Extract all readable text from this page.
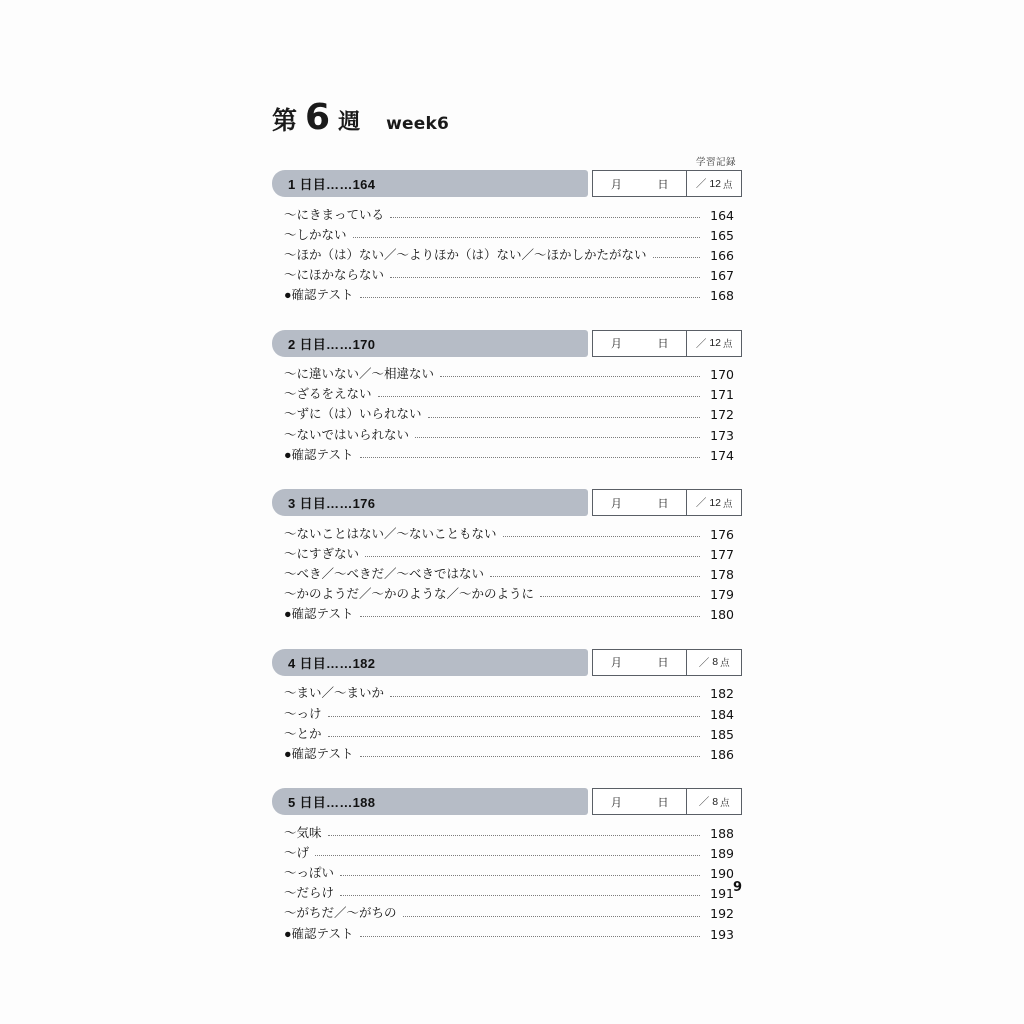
第 6 週 week6
学習記録
1 日目……164	月	日	／ 12 点
〜にきまっている	164
〜しかない	165
〜ほか（は）ない／〜よりほか（は）ない／〜ほかしかたがない	166
〜にほかならない	167
●確認テスト	168
2 日目……170	月	日	／ 12 点
〜に違いない／〜相違ない	170
〜ざるをえない	171
〜ずに（は）いられない	172
〜ないではいられない	173
●確認テスト	174
3 日目……176	月	日	／ 12 点
〜ないことはない／〜ないこともない	176
〜にすぎない	177
〜べき／〜べきだ／〜べきではない	178
〜かのようだ／〜かのような／〜かのように	179
●確認テスト	180
4 日目……182	月	日	／ 8 点
〜まい／〜まいか	182
〜っけ	184
〜とか	185
●確認テスト	186
5 日目……188	月	日	／ 8 点
〜気味	188
〜げ	189
〜っぽい	190
〜だらけ	191
〜がちだ／〜がちの	192
●確認テスト	193
9
